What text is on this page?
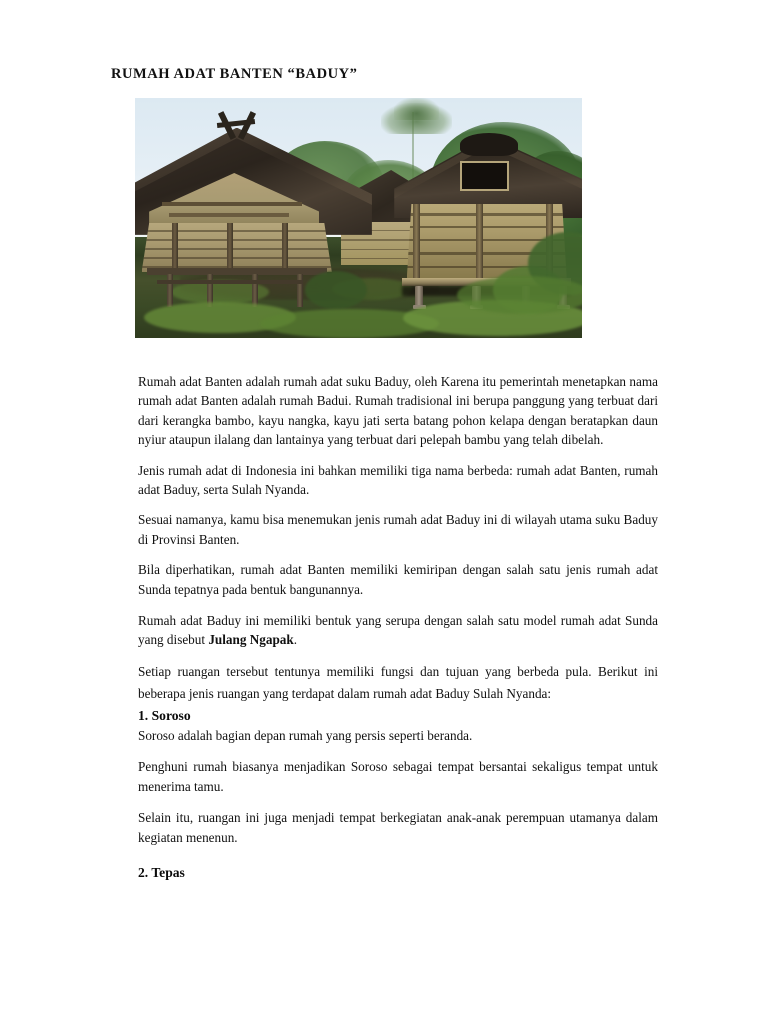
RUMAH ADAT BANTEN “BADUY”

Rumah adat Banten adalah rumah adat suku Baduy, oleh Karena itu pemerintah menetapkan nama rumah adat Banten adalah rumah Badui. Rumah tradisional ini berupa panggung yang terbuat dari dari kerangka bambo, kayu nangka, kayu jati serta batang pohon kelapa dengan beratapkan daun nyiur ataupun ilalang dan lantainya yang terbuat dari pelepah bambu yang telah dibelah.

Jenis rumah adat di Indonesia ini bahkan memiliki tiga nama berbeda: rumah adat Banten, rumah adat Baduy, serta Sulah Nyanda.

Sesuai namanya, kamu bisa menemukan jenis rumah adat Baduy ini di wilayah utama suku Baduy di Provinsi Banten.

Bila diperhatikan, rumah adat Banten memiliki kemiripan dengan salah satu jenis rumah adat Sunda tepatnya pada bentuk bangunannya.

Rumah adat Baduy ini memiliki bentuk yang serupa dengan salah satu model rumah adat Sunda yang disebut Julang Ngapak.

Setiap ruangan tersebut tentunya memiliki fungsi dan tujuan yang berbeda pula. Berikut ini beberapa jenis ruangan yang terdapat dalam rumah adat Baduy Sulah Nyanda:

1. Soroso

Soroso adalah bagian depan rumah yang persis seperti beranda.

Penghuni rumah biasanya menjadikan Soroso sebagai tempat bersantai sekaligus tempat untuk menerima tamu.

Selain itu, ruangan ini juga menjadi tempat berkegiatan anak-anak perempuan utamanya dalam kegiatan menenun.

2. Tepas
